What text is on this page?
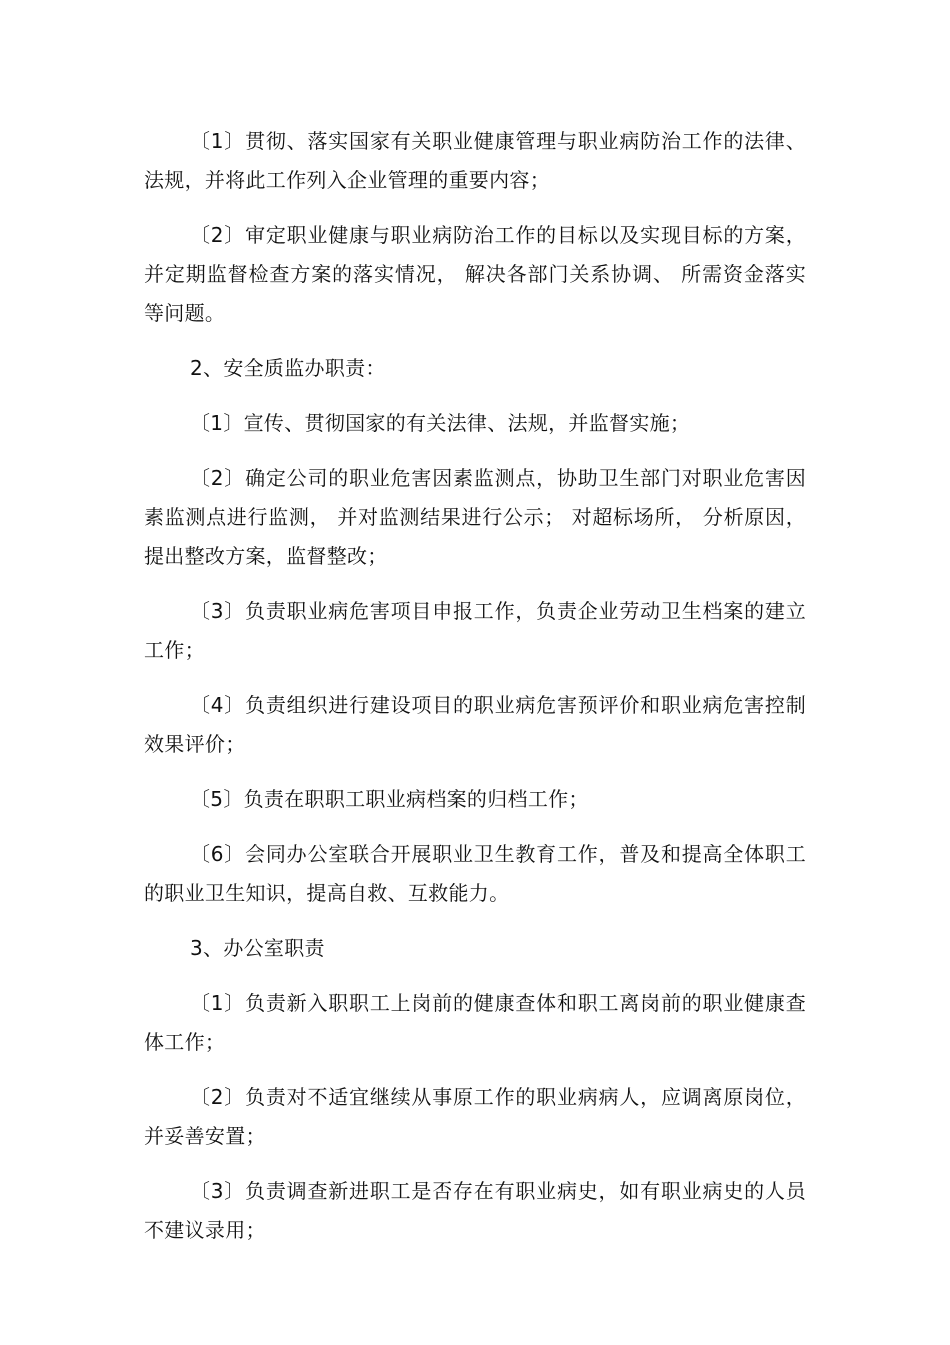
〔1〕贯彻、落实国家有关职业健康管理与职业病防治工作的法律、法规，并将此工作列入企业管理的重要内容；

〔2〕审定职业健康与职业病防治工作的目标以及实现目标的方案，并定期监督检查方案的落实情况， 解决各部门关系协调、 所需资金落实等问题。

2、安全质监办职责：

〔1〕宣传、贯彻国家的有关法律、法规，并监督实施；

〔2〕确定公司的职业危害因素监测点，协助卫生部门对职业危害因素监测点进行监测， 并对监测结果进行公示； 对超标场所， 分析原因，提出整改方案，监督整改；

〔3〕负责职业病危害项目申报工作，负责企业劳动卫生档案的建立工作；

〔4〕负责组织进行建设项目的职业病危害预评价和职业病危害控制效果评价；

〔5〕负责在职职工职业病档案的归档工作；

〔6〕会同办公室联合开展职业卫生教育工作，普及和提高全体职工的职业卫生知识，提高自救、互救能力。

3、办公室职责

〔1〕负责新入职职工上岗前的健康查体和职工离岗前的职业健康查体工作；

〔2〕负责对不适宜继续从事原工作的职业病病人，应调离原岗位，并妥善安置；

〔3〕负责调查新进职工是否存在有职业病史，如有职业病史的人员不建议录用；
